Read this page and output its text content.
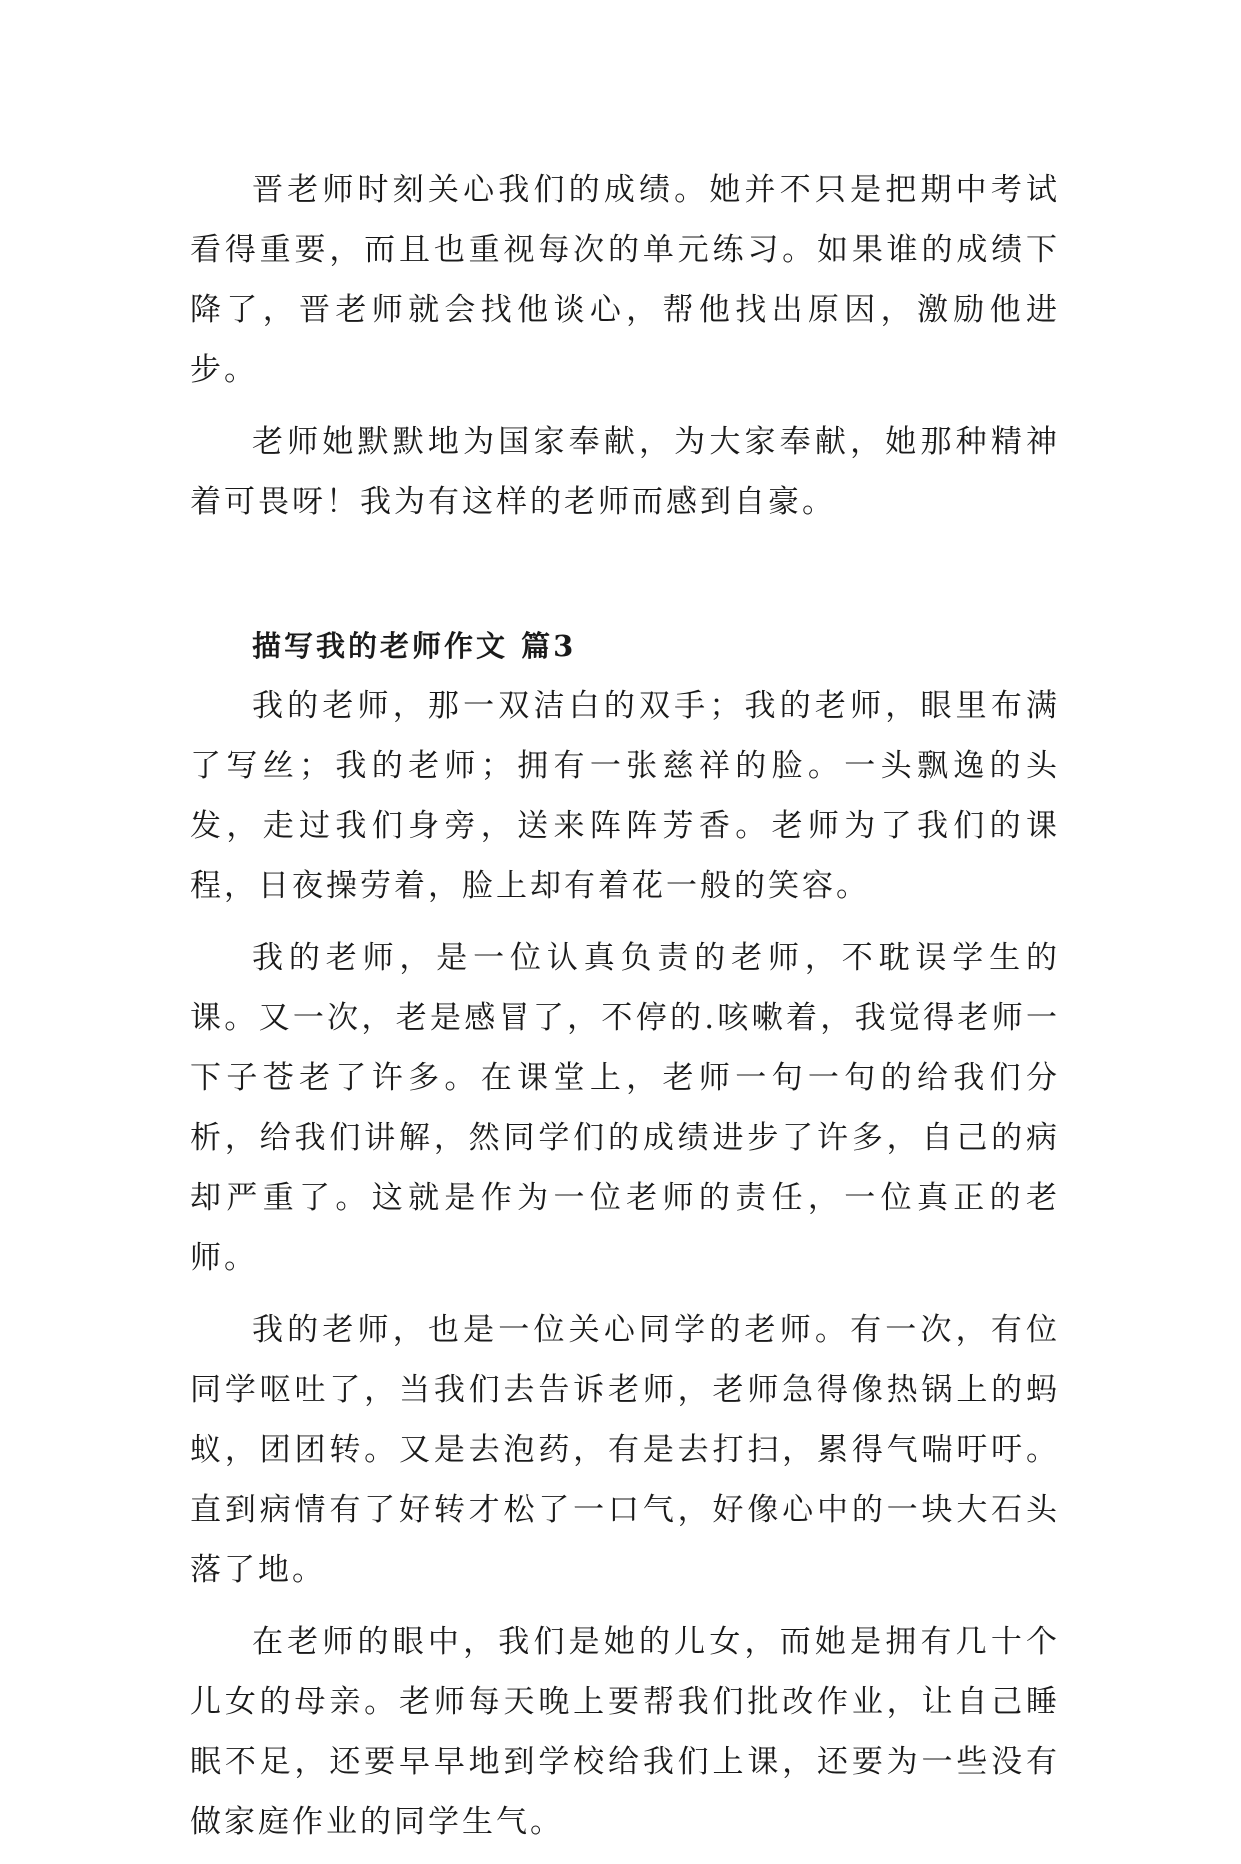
晋老师时刻关心我们的成绩。她并不只是把期中考试看得重要，而且也重视每次的单元练习。如果谁的成绩下降了，晋老师就会找他谈心，帮他找出原因，激励他进步。

老师她默默地为国家奉献，为大家奉献，她那种精神着可畏呀！我为有这样的老师而感到自豪。

描写我的老师作文 篇3

我的老师，那一双洁白的双手；我的老师，眼里布满了写丝；我的老师；拥有一张慈祥的脸。一头飘逸的头发，走过我们身旁，送来阵阵芳香。老师为了我们的课程，日夜操劳着，脸上却有着花一般的笑容。

我的老师，是一位认真负责的老师，不耽误学生的课。又一次，老是感冒了，不停的.咳嗽着，我觉得老师一下子苍老了许多。在课堂上，老师一句一句的给我们分析，给我们讲解，然同学们的成绩进步了许多，自己的病却严重了。这就是作为一位老师的责任，一位真正的老师。

我的老师，也是一位关心同学的老师。有一次，有位同学呕吐了，当我们去告诉老师，老师急得像热锅上的蚂蚁，团团转。又是去泡药，有是去打扫，累得气喘吁吁。直到病情有了好转才松了一口气，好像心中的一块大石头落了地。

在老师的眼中，我们是她的儿女，而她是拥有几十个儿女的母亲。老师每天晚上要帮我们批改作业，让自己睡眠不足，还要早早地到学校给我们上课，还要为一些没有做家庭作业的同学生气。
